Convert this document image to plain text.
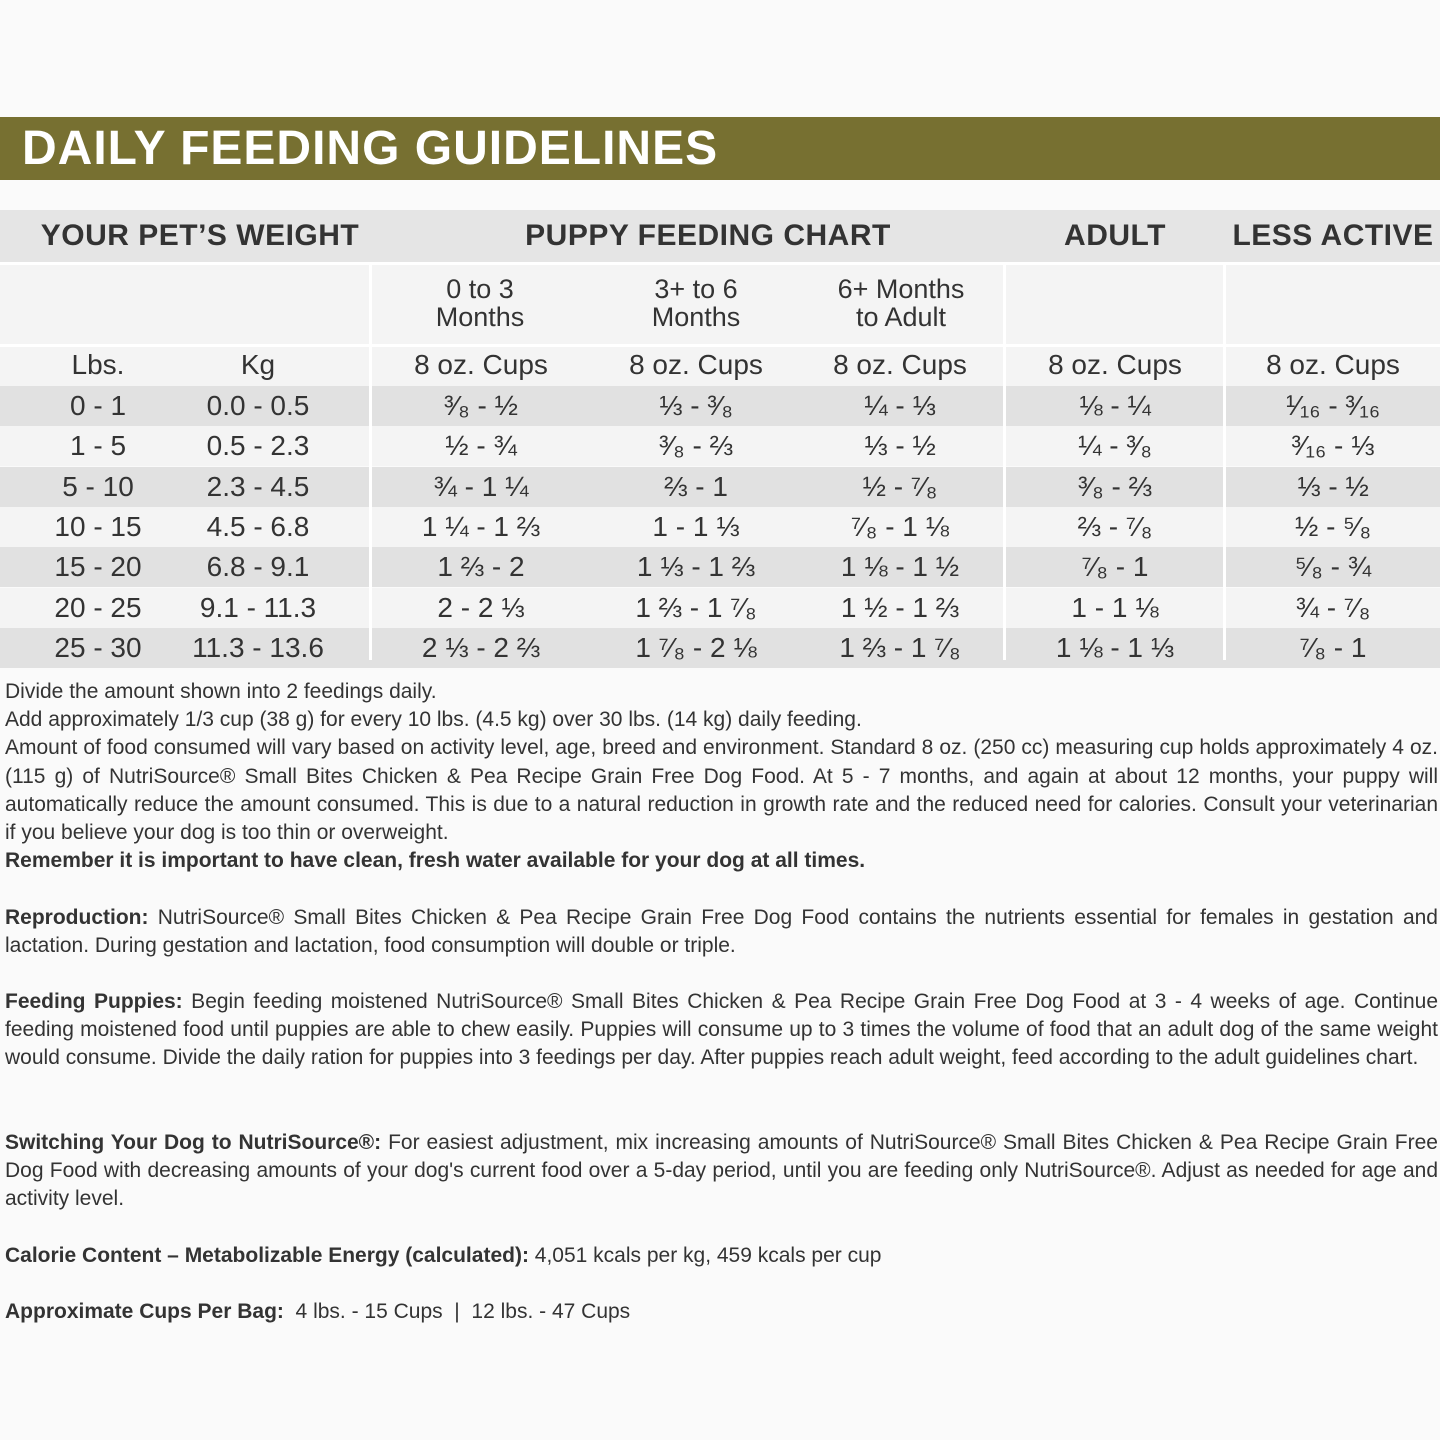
DAILY FEEDING GUIDELINES
YOUR PET’S WEIGHT	PUPPY FEEDING CHART	ADULT	LESS ACTIVE
0 to 3
Months
3+ to 6
Months
6+ Months
to Adult
Lbs.	Kg	8 oz. Cups	8 oz. Cups	8 oz. Cups	8 oz. Cups	8 oz. Cups
0 - 1	0.0 - 0.5	³⁄₈ - ½	⅓ - ³⁄₈	¼ - ⅓	⅛ - ¼	¹⁄₁₆ - ³⁄₁₆
1 - 5	0.5 - 2.3	½ - ¾	³⁄₈ - ⅔	⅓ - ½	¼ - ³⁄₈	³⁄₁₆ - ⅓
5 - 10	2.3 - 4.5	¾ - 1 ¼	⅔ - 1	½ - ⁷⁄₈	³⁄₈ - ⅔	⅓ - ½
10 - 15	4.5 - 6.8	1 ¼ - 1 ⅔	1 - 1 ⅓	⁷⁄₈ - 1 ⅛	⅔ - ⁷⁄₈	½ - ⁵⁄₈
15 - 20	6.8 - 9.1	1 ⅔ - 2	1 ⅓ - 1 ⅔	1 ⅛ - 1 ½	⁷⁄₈ - 1	⁵⁄₈ - ¾
20 - 25	9.1 - 11.3	2 - 2 ⅓	1 ⅔ - 1 ⁷⁄₈	1 ½ - 1 ⅔	1 - 1 ⅛	¾ - ⁷⁄₈
25 - 30	11.3 - 13.6	2 ⅓ - 2 ⅔	1 ⁷⁄₈ - 2 ⅛	1 ⅔ - 1 ⁷⁄₈	1 ⅛ - 1 ⅓	⁷⁄₈ - 1

Divide the amount shown into 2 feedings daily.

Add approximately 1/3 cup (38 g) for every 10 lbs. (4.5 kg) over 30 lbs. (14 kg) daily feeding.

Amount of food consumed will vary based on activity level, age, breed and environment. Standard 8 oz. (250 cc) measuring cup holds approximately 4 oz. (115 g) of NutriSource® Small Bites Chicken & Pea Recipe Grain Free Dog Food. At 5 - 7 months, and again at about 12 months, your puppy will automatically reduce the amount consumed. This is due to a natural reduction in growth rate and the reduced need for calories. Consult your veterinarian if you believe your dog is too thin or overweight.

Remember it is important to have clean, fresh water available for your dog at all times.

Reproduction: NutriSource® Small Bites Chicken & Pea Recipe Grain Free Dog Food contains the nutrients essential for females in gestation and lactation. During gestation and lactation, food consumption will double or triple.

Feeding Puppies: Begin feeding moistened NutriSource® Small Bites Chicken & Pea Recipe Grain Free Dog Food at 3 - 4 weeks of age. Continue feeding moistened food until puppies are able to chew easily. Puppies will consume up to 3 times the volume of food that an adult dog of the same weight would consume. Divide the daily ration for puppies into 3 feedings per day. After puppies reach adult weight, feed according to the adult guidelines chart.

Switching Your Dog to NutriSource®: For easiest adjustment, mix increasing amounts of NutriSource® Small Bites Chicken & Pea Recipe Grain Free Dog Food with decreasing amounts of your dog's current food over a 5-day period, until you are feeding only NutriSource®. Adjust as needed for age and activity level.

Calorie Content – Metabolizable Energy (calculated): 4,051 kcals per kg, 459 kcals per cup

Approximate Cups Per Bag:  4 lbs. - 15 Cups  |  12 lbs. - 47 Cups
